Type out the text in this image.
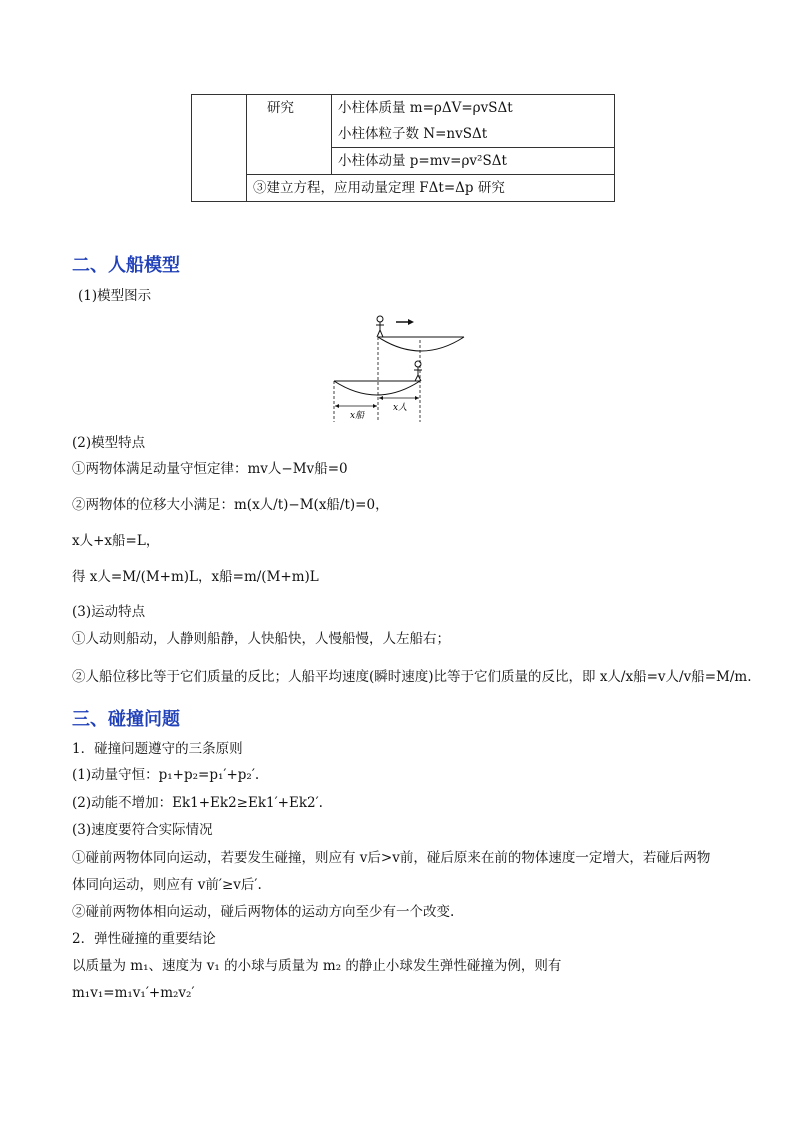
	研究	小柱体质量 m=ρΔV=ρvSΔt
小柱体粒子数 N=nvSΔt

小柱体动量 p=mv=ρv²SΔt
③建立方程，应用动量定理 FΔt=Δp 研究
二、人船模型
(1)模型图示
x船
x人
(2)模型特点
①两物体满足动量守恒定律：mv人−Mv船=0
②两物体的位移大小满足：m(x人/t)−M(x船/t)=0，
x人+x船=L，
得 x人=M/(M+m)L，x船=m/(M+m)L
(3)运动特点
①人动则船动，人静则船静，人快船快，人慢船慢，人左船右；
②人船位移比等于它们质量的反比；人船平均速度(瞬时速度)比等于它们质量的反比，即 x人/x船=v人/v船=M/m.
三、碰撞问题
1．碰撞问题遵守的三条原则
(1)动量守恒：p₁+p₂=p₁′+p₂′.
(2)动能不增加：Ek1+Ek2≥Ek1′+Ek2′.
(3)速度要符合实际情况
①碰前两物体同向运动，若要发生碰撞，则应有 v后>v前，碰后原来在前的物体速度一定增大，若碰后两物
体同向运动，则应有 v前′≥v后′.
②碰前两物体相向运动，碰后两物体的运动方向至少有一个改变.
2．弹性碰撞的重要结论
以质量为 m₁、速度为 v₁ 的小球与质量为 m₂ 的静止小球发生弹性碰撞为例，则有
m₁v₁=m₁v₁′+m₂v₂′
